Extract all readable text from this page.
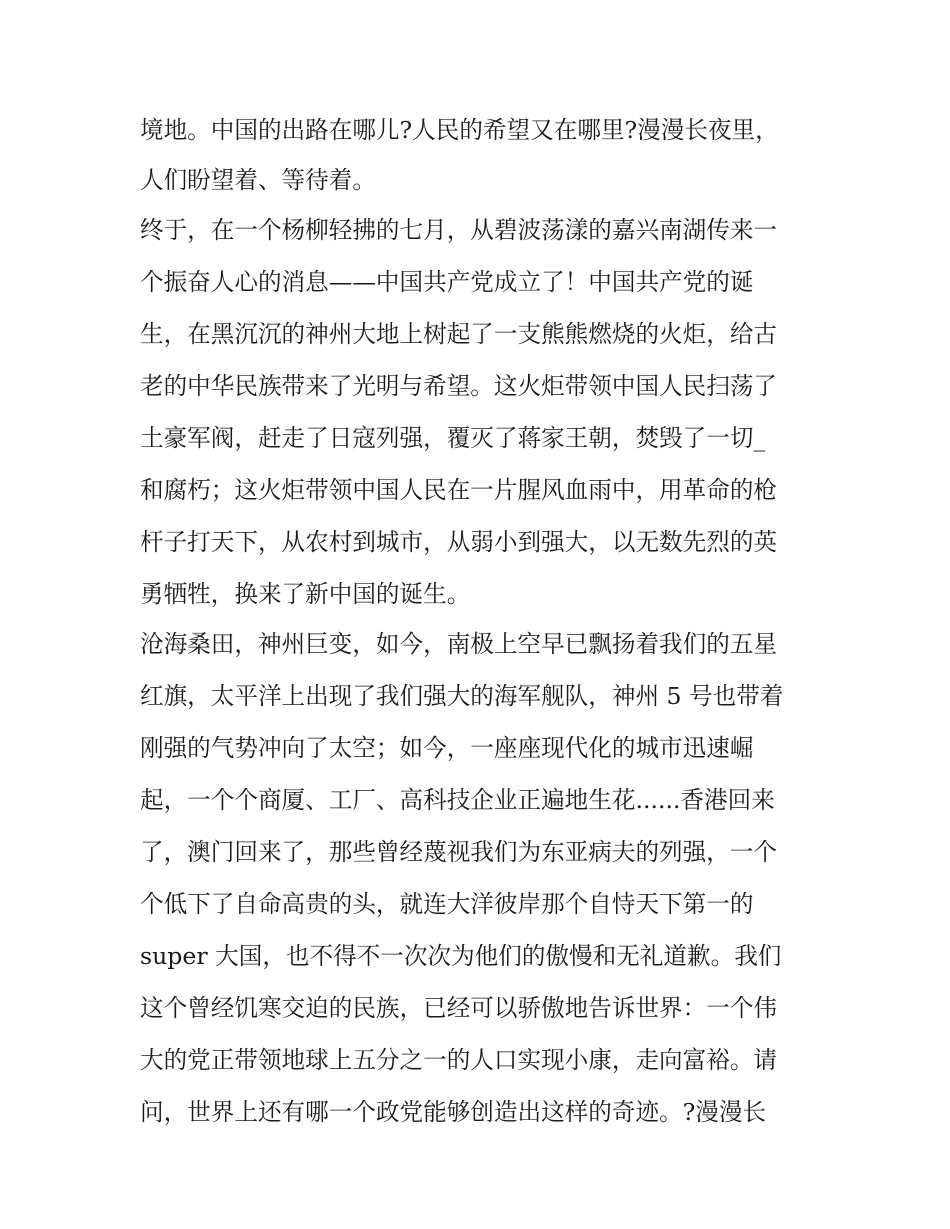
境地。中国的出路在哪儿?人民的希望又在哪里?漫漫长夜里，
人们盼望着、等待着。
终于，在一个杨柳轻拂的七月，从碧波荡漾的嘉兴南湖传来一
个振奋人心的消息——中国共产党成立了！中国共产党的诞
生，在黑沉沉的神州大地上树起了一支熊熊燃烧的火炬，给古
老的中华民族带来了光明与希望。这火炬带领中国人民扫荡了
土豪军阀，赶走了日寇列强，覆灭了蒋家王朝，焚毁了一切_
和腐朽；这火炬带领中国人民在一片腥风血雨中，用革命的枪
杆子打天下，从农村到城市，从弱小到强大，以无数先烈的英
勇牺牲，换来了新中国的诞生。
沧海桑田，神州巨变，如今，南极上空早已飘扬着我们的五星
红旗，太平洋上出现了我们强大的海军舰队，神州 5 号也带着
刚强的气势冲向了太空；如今，一座座现代化的城市迅速崛
起，一个个商厦、工厂、高科技企业正遍地生花......香港回来
了，澳门回来了，那些曾经蔑视我们为东亚病夫的列强，一个
个低下了自命高贵的头，就连大洋彼岸那个自恃天下第一的
super 大国，也不得不一次次为他们的傲慢和无礼道歉。我们
这个曾经饥寒交迫的民族，已经可以骄傲地告诉世界：一个伟
大的党正带领地球上五分之一的人口实现小康，走向富裕。请
问，世界上还有哪一个政党能够创造出这样的奇迹。?漫漫长
